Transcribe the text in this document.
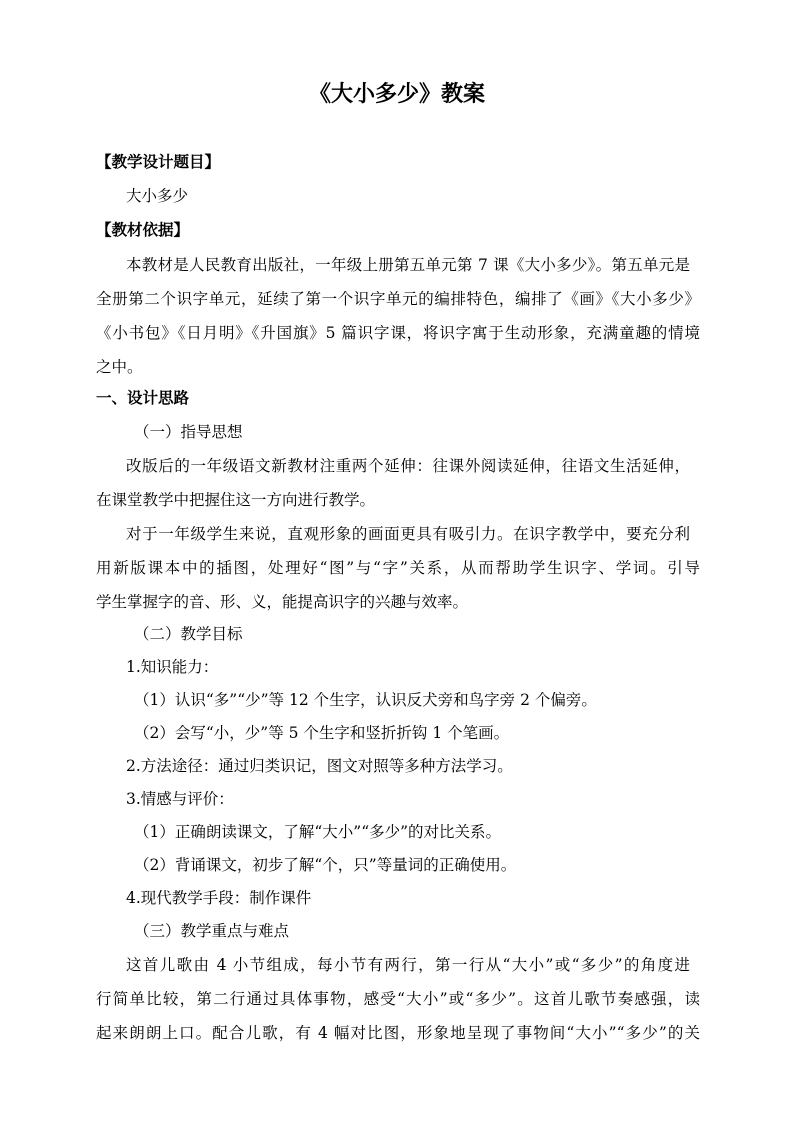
《大小多少》教案
【教学设计题目】
大小多少
【教材依据】
本教材是人民教育出版社，一年级上册第五单元第 7 课《大小多少》。第五单元是
全册第二个识字单元，延续了第一个识字单元的编排特色，编排了《画》《大小多少》
《小书包》《日月明》《升国旗》5 篇识字课，将识字寓于生动形象，充满童趣的情境
之中。
一、设计思路
（一）指导思想
改版后的一年级语文新教材注重两个延伸：往课外阅读延伸，往语文生活延伸，
在课堂教学中把握住这一方向进行教学。
对于一年级学生来说，直观形象的画面更具有吸引力。在识字教学中，要充分利
用新版课本中的插图，处理好“图”与“字”关系，从而帮助学生识字、学词。引导
学生掌握字的音、形、义，能提高识字的兴趣与效率。
（二）教学目标
1.知识能力：
（1）认识“多”“少”等 12 个生字，认识反犬旁和鸟字旁 2 个偏旁。
（2）会写“小，少”等 5 个生字和竖折折钩 1 个笔画。
2.方法途径：通过归类识记，图文对照等多种方法学习。
3.情感与评价：
（1）正确朗读课文，了解“大小”“多少”的对比关系。
（2）背诵课文，初步了解“个，只”等量词的正确使用。
4.现代教学手段：制作课件
（三）教学重点与难点
这首儿歌由 4 小节组成，每小节有两行，第一行从“大小”或“多少”的角度进
行简单比较，第二行通过具体事物，感受“大小”或“多少”。这首儿歌节奏感强，读
起来朗朗上口。配合儿歌，有 4 幅对比图，形象地呈现了事物间“大小”“多少”的关
